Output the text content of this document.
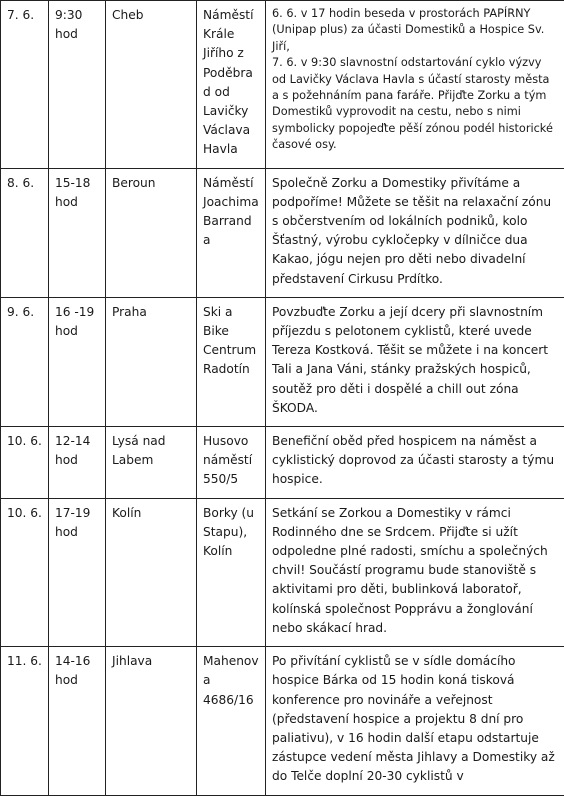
7. 6.	9:30 hod	Cheb	Náměstí Krále Jiřího z Poděbrad od Lavičky Václava Havla	6. 6. v 17 hodin beseda v prostorách PAPÍRNY (Unipap plus) za účasti Domestiků a Hospice Sv. Jiří,
7. 6. v 9:30 slavnostní odstartování cyklo výzvy od Lavičky Václava Havla s účastí starosty města a s požehnáním pana faráře. Přijďte Zorku a tým Domestiků vyprovodit na cestu, nebo s nimi symbolicky popojeďte pěší zónou podél historické časové osy.

8. 6.	15-18 hod	Beroun	Náměstí Joachima Barranda	Společně Zorku a Domestiky přivítáme a podpoříme! Můžete se těšit na relaxační zónu s občerstvením od lokálních podniků, kolo Šťastný, výrobu cykločepky v dílničce dua Kakao, jógu nejen pro děti nebo divadelní představení Cirkusu Prdítko.

9. 6.	16 -19 hod	Praha	Ski a Bike Centrum Radotín	Povzbuďte Zorku a její dcery při slavnostním příjezdu s pelotonem cyklistů, které uvede Tereza Kostková. Těšit se můžete i na koncert Tali a Jana Váni, stánky pražských hospiců, soutěž pro děti i dospělé a chill out zóna ŠKODA.

10. 6.	12-14 hod	Lysá nad Labem	Husovo náměstí 550/5	Benefiční oběd před hospicem na náměst a cyklistický doprovod za účasti starosty a týmu hospice.

10. 6.	17-19 hod	Kolín	Borky (u Stapu), Kolín	Setkání se Zorkou a Domestiky v rámci Rodinného dne se Srdcem. Přijďte si užít odpoledne plné radosti, smíchu a společných chvil! Součástí programu bude stanoviště s aktivitami pro děti, bublinková laboratoř, kolínská společnost Popprávu a žonglování nebo skákací hrad.

11. 6.	14-16 hod	Jihlava	Mahenova 4686/16	Po přivítání cyklistů se v sídle domácího hospice Bárka od 15 hodin koná tisková konference pro novináře a veřejnost (představení hospice a projektu 8 dní pro paliativu), v 16 hodin další etapu odstartuje zástupce vedení města Jihlavy a Domestiky až do Telče doplní 20-30 cyklistů v
